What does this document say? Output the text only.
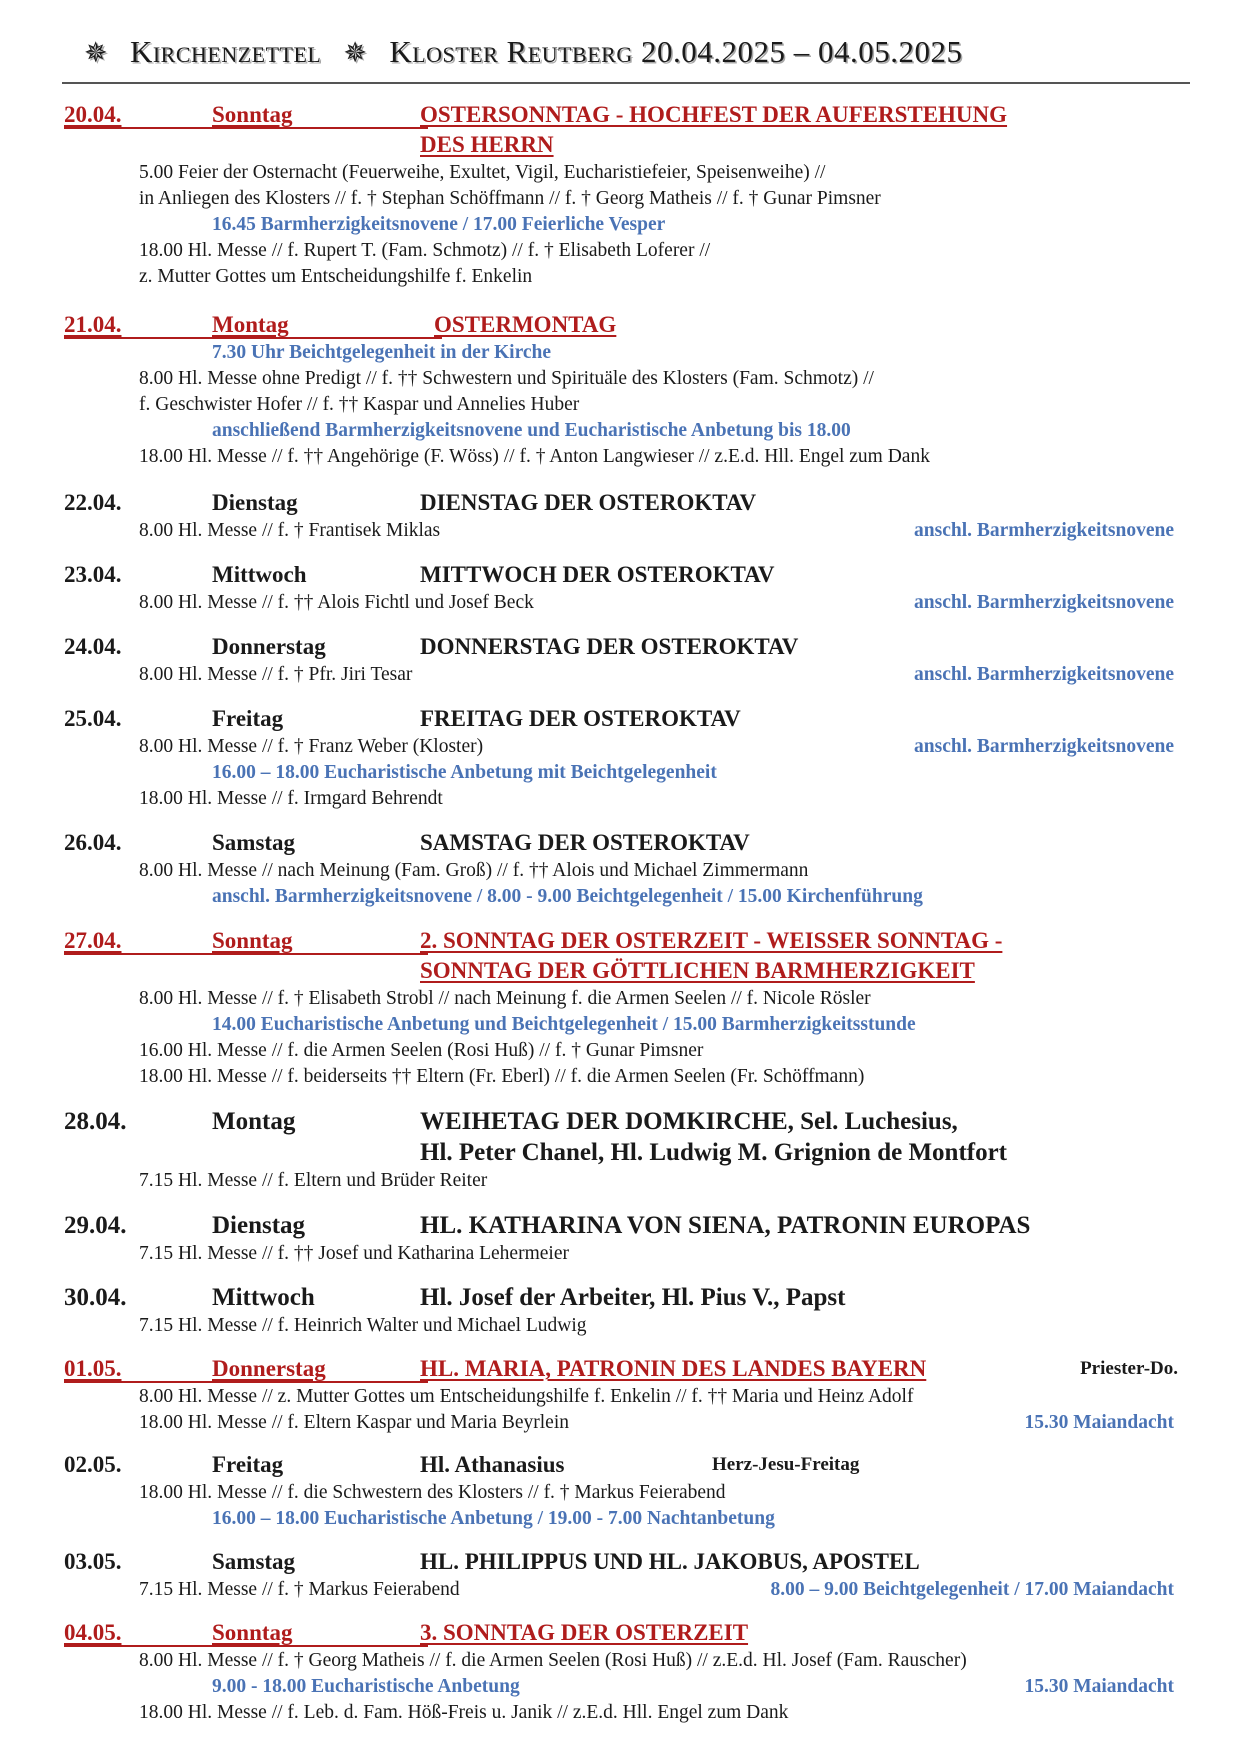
✵ Kirchenzettel ✵ Kloster Reutberg 20.04.2025 – 04.05.2025
20.04.	Sonntag	OSTERSONNTAG - HOCHFEST DER AUFERSTEHUNG
DES HERRN
5.00 Feier der Osternacht (Feuerweihe, Exultet, Vigil, Eucharistiefeier, Speisenweihe) //
in Anliegen des Klosters // f. † Stephan Schöffmann // f. † Georg Matheis // f. † Gunar Pimsner
16.45 Barmherzigkeitsnovene / 17.00 Feierliche Vesper
18.00 Hl. Messe // f. Rupert T. (Fam. Schmotz) // f. † Elisabeth Loferer //
z. Mutter Gottes um Entscheidungshilfe f. Enkelin
21.04.	Montag	OSTERMONTAG
7.30 Uhr Beichtgelegenheit in der Kirche
8.00 Hl. Messe ohne Predigt // f. †† Schwestern und Spirituäle des Klosters (Fam. Schmotz) //
f. Geschwister Hofer // f. †† Kaspar und Annelies Huber
anschließend Barmherzigkeitsnovene und Eucharistische Anbetung bis 18.00
18.00 Hl. Messe // f. †† Angehörige (F. Wöss) // f. † Anton Langwieser // z.E.d. Hll. Engel zum Dank
22.04.	Dienstag	DIENSTAG DER OSTEROKTAV
8.00 Hl. Messe // f. † Frantisek Miklas	anschl. Barmherzigkeitsnovene
23.04.	Mittwoch	MITTWOCH DER OSTEROKTAV
8.00 Hl. Messe // f. †† Alois Fichtl und Josef Beck	anschl. Barmherzigkeitsnovene
24.04.	Donnerstag	DONNERSTAG DER OSTEROKTAV
8.00 Hl. Messe // f. † Pfr. Jiri Tesar	anschl. Barmherzigkeitsnovene
25.04.	Freitag	FREITAG DER OSTEROKTAV
8.00 Hl. Messe // f. † Franz Weber (Kloster)	anschl. Barmherzigkeitsnovene
16.00 – 18.00 Eucharistische Anbetung mit Beichtgelegenheit
18.00 Hl. Messe // f. Irmgard Behrendt
26.04.	Samstag	SAMSTAG DER OSTEROKTAV
8.00 Hl. Messe // nach Meinung (Fam. Groß) // f. †† Alois und Michael Zimmermann
anschl. Barmherzigkeitsnovene / 8.00 - 9.00 Beichtgelegenheit / 15.00 Kirchenführung
27.04.	Sonntag	2. SONNTAG DER OSTERZEIT - WEISSER SONNTAG -
SONNTAG DER GÖTTLICHEN BARMHERZIGKEIT
8.00 Hl. Messe // f. † Elisabeth Strobl // nach Meinung f. die Armen Seelen // f. Nicole Rösler
14.00 Eucharistische Anbetung und Beichtgelegenheit / 15.00 Barmherzigkeitsstunde
16.00 Hl. Messe // f. die Armen Seelen (Rosi Huß) // f. † Gunar Pimsner
18.00 Hl. Messe // f. beiderseits †† Eltern (Fr. Eberl) // f. die Armen Seelen (Fr. Schöffmann)
28.04.	Montag	WEIHETAG DER DOMKIRCHE, Sel. Luchesius,
Hl. Peter Chanel, Hl. Ludwig M. Grignion de Montfort
7.15 Hl. Messe // f. Eltern und Brüder Reiter
29.04.	Dienstag	HL. KATHARINA VON SIENA, PATRONIN EUROPAS
7.15 Hl. Messe // f. †† Josef und Katharina Lehermeier
30.04.	Mittwoch	Hl. Josef der Arbeiter, Hl. Pius V., Papst
7.15 Hl. Messe // f. Heinrich Walter und Michael Ludwig
01.05.	Donnerstag	HL. MARIA, PATRONIN DES LANDES BAYERN	Priester-Do.
8.00 Hl. Messe // z. Mutter Gottes um Entscheidungshilfe f. Enkelin // f. †† Maria und Heinz Adolf
18.00 Hl. Messe // f. Eltern Kaspar und Maria Beyrlein	15.30 Maiandacht
02.05.	Freitag	Hl. Athanasius	Herz-Jesu-Freitag
18.00 Hl. Messe // f. die Schwestern des Klosters // f. † Markus Feierabend
16.00 – 18.00 Eucharistische Anbetung / 19.00 - 7.00 Nachtanbetung
03.05.	Samstag	HL. PHILIPPUS UND HL. JAKOBUS, APOSTEL
7.15 Hl. Messe // f. † Markus Feierabend	8.00 – 9.00 Beichtgelegenheit / 17.00 Maiandacht
04.05.	Sonntag	3. SONNTAG DER OSTERZEIT
8.00 Hl. Messe // f. † Georg Matheis // f. die Armen Seelen (Rosi Huß) // z.E.d. Hl. Josef (Fam. Rauscher)
9.00 - 18.00 Eucharistische Anbetung	15.30 Maiandacht
18.00 Hl. Messe // f. Leb. d. Fam. Höß-Freis u. Janik // z.E.d. Hll. Engel zum Dank
